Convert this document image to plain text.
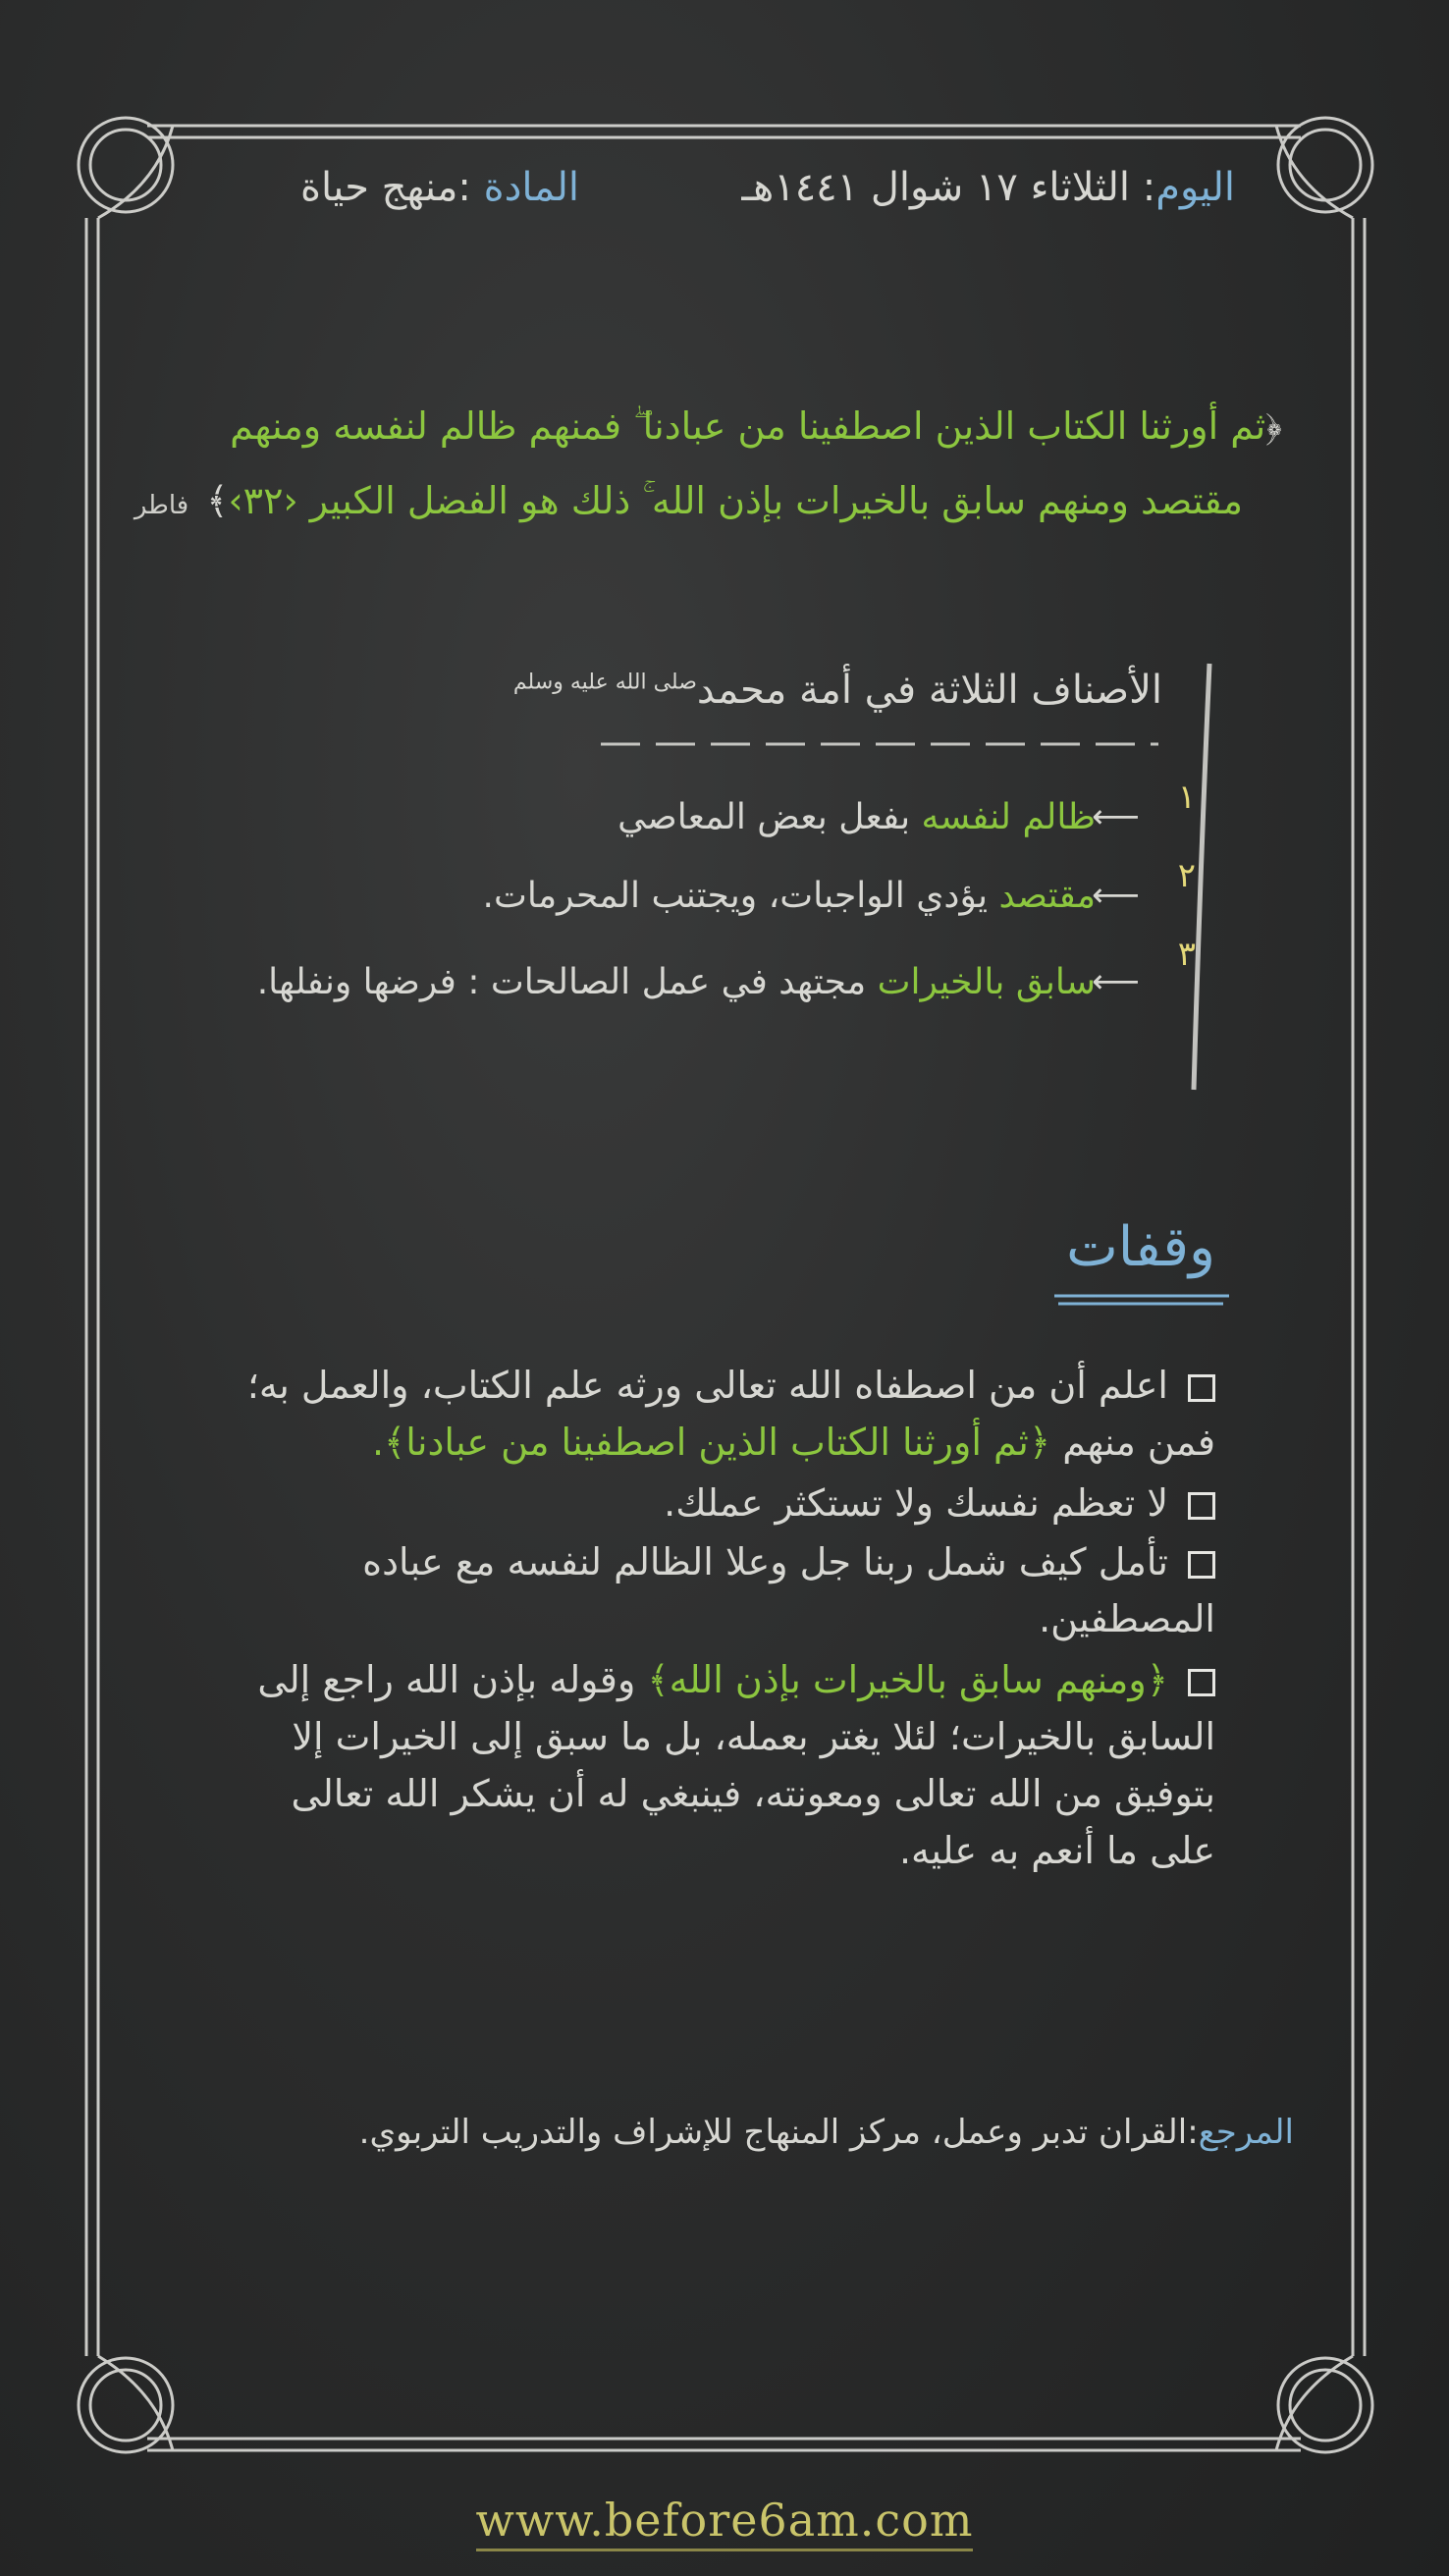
اليوم: الثلاثاء ١٧ شوال ١٤٤١هـ
المادة :منهج حياة
﴿ثم أورثنا الكتاب الذين اصطفينا من عبادنا ۖ فمنهم ظالم لنفسه ومنهم
مقتصد ومنهم سابق بالخيرات بإذن الله ۚ ذلك هو الفضل الكبير ‹٣٢›﴾فاطر
الأصناف الثلاثة في أمة محمد$^{صلى الله عليه وسلم}$
١
⟵
ظالم لنفسه بفعل بعض المعاصي
٢
⟵
مقتصد يؤدي الواجبات، ويجتنب المحرمات.
٣
⟵
سابق بالخيرات مجتهد في عمل الصالحات : فرضها ونفلها.
وقفات
اعلم أن من اصطفاه الله تعالى ورثه علم الكتاب، والعمل به؛ فمن منهم ﴿ثم أورثنا الكتاب الذين اصطفينا من عبادنا﴾.
لا تعظم نفسك ولا تستكثر عملك.
تأمل كيف شمل ربنا جل وعلا الظالم لنفسه مع عباده المصطفين.
﴿ومنهم سابق بالخيرات بإذن الله﴾ وقوله بإذن الله راجع إلى السابق بالخيرات؛ لئلا يغتر بعمله، بل ما سبق إلى الخيرات إلا بتوفيق من الله تعالى ومعونته، فينبغي له أن يشكر الله تعالى على ما أنعم به عليه.
المرجع:القران تدبر وعمل، مركز المنهاج للإشراف والتدريب التربوي.
www.before6am.com
